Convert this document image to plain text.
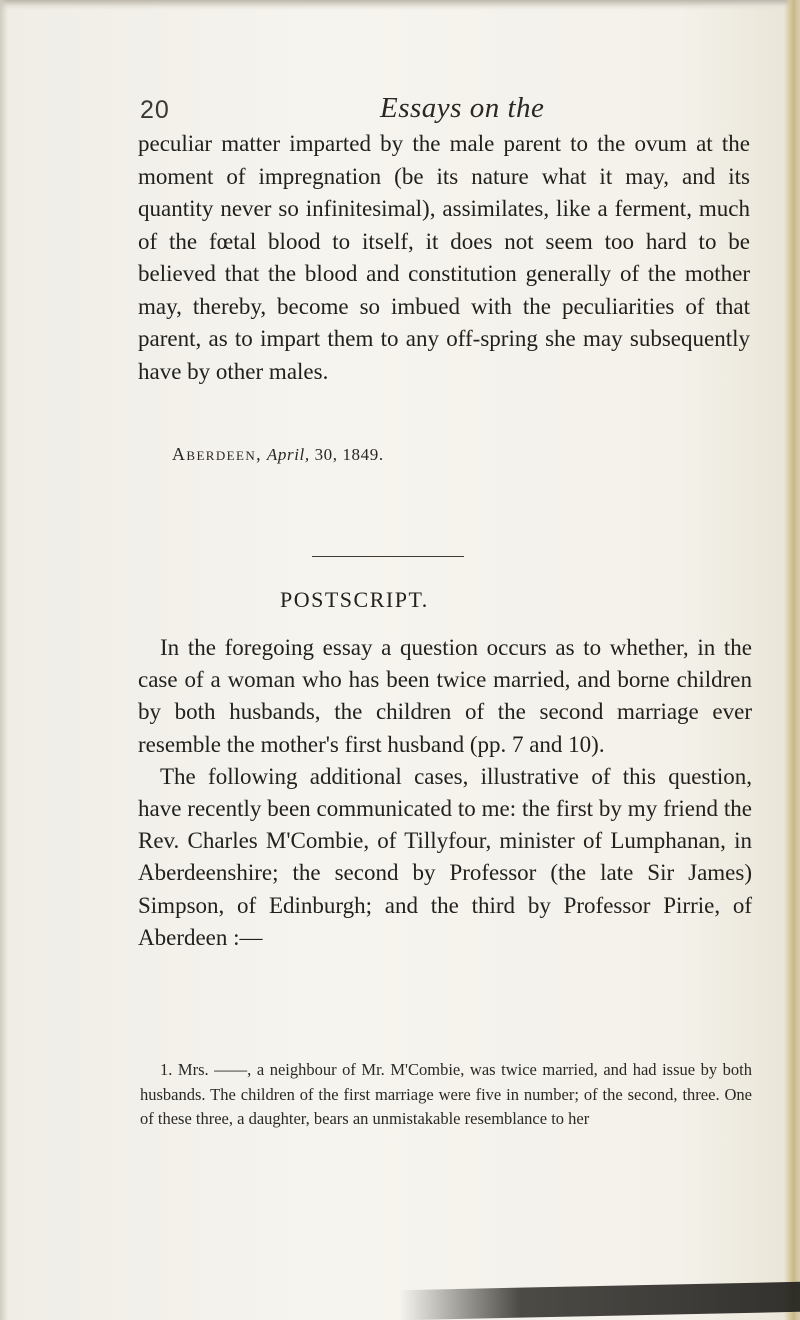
20	Essays on the

peculiar matter imparted by the male parent to the ovum at the moment of impregnation (be its nature what it may, and its quantity never so infinitesimal), assimilates, like a ferment, much of the fœtal blood to itself, it does not seem too hard to be believed that the blood and constitution generally of the mother may, thereby, become so imbued with the peculiarities of that parent, as to impart them to any off-spring she may subsequently have by other males.

Aberdeen, April, 30, 1849.
POSTSCRIPT.

In the foregoing essay a question occurs as to whether, in the case of a woman who has been twice married, and borne children by both husbands, the children of the second marriage ever resemble the mother's first husband (pp. 7 and 10).

The following additional cases, illustrative of this question, have recently been communicated to me: the first by my friend the Rev. Charles M'Combie, of Tillyfour, minister of Lumphanan, in Aberdeenshire; the second by Professor (the late Sir James) Simpson, of Edinburgh; and the third by Professor Pirrie, of Aberdeen :—

1. Mrs. ——, a neighbour of Mr. M'Combie, was twice married, and had issue by both husbands. The children of the first marriage were five in number; of the second, three. One of these three, a daughter, bears an unmistakable resemblance to her
